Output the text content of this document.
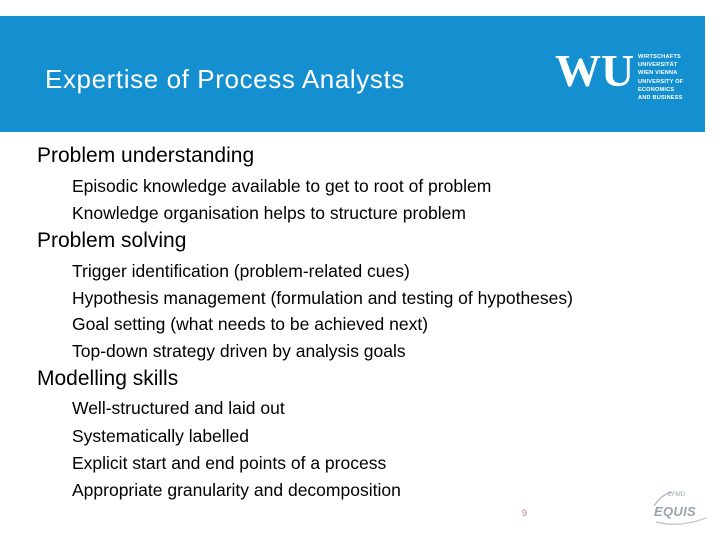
WU WIRTSCHAFTS
UNIVERSITÄT
WIEN VIENNA
UNIVERSITY OF
ECONOMICS
AND BUSINESS
Expertise of Process Analysts
Problem understanding
Episodic knowledge available to get to root of problem
Knowledge organisation helps to structure problem
Problem solving
Trigger identification (problem-related cues)
Hypothesis management (formulation and testing of hypotheses)
Goal setting (what needs to be achieved next)
Top-down strategy driven by analysis goals
Modelling skills
Well-structured and laid out
Systematically labelled
Explicit start and end points of a process
Appropriate granularity and decomposition
9
EFMD
EQUIS
